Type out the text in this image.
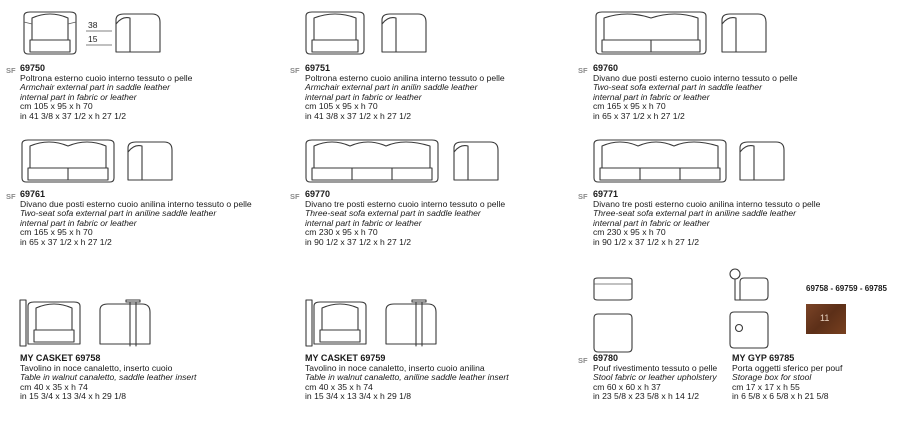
38
15
69758 - 69759 - 69785
11
SF 69750
Poltrona esterno cuoio interno tessuto o pelle
Armchair external part in saddle leather
internal part in fabric or leather
cm 105 x 95 x h 70
in 41 3/8 x 37 1/2 x h 27 1/2
SF 69751
Poltrona esterno cuoio anilina interno tessuto o pelle
Armchair external part in anilin saddle leather
internal part in fabric or leather
cm 105 x 95 x h 70
in 41 3/8 x 37 1/2 x h 27 1/2
SF 69760
Divano due posti esterno cuoio interno tessuto o pelle
Two-seat sofa external part in saddle leather
internal part in fabric or leather
cm 165 x 95 x h 70
in 65 x 37 1/2 x h 27 1/2
SF 69761
Divano due posti esterno cuoio anilina interno tessuto o pelle
Two-seat sofa external part in aniline saddle leather
internal part in fabric or leather
cm 165 x 95 x h 70
in 65 x 37 1/2 x h 27 1/2
SF 69770
Divano tre posti esterno cuoio interno tessuto o pelle
Three-seat sofa external part in saddle leather
internal part in fabric or leather
cm 230 x 95 x h 70
in 90 1/2 x 37 1/2 x h 27 1/2
SF 69771
Divano tre posti esterno cuoio anilina interno tessuto o pelle
Three-seat sofa external part in aniline saddle leather
internal part in fabric or leather
cm 230 x 95 x h 70
in 90 1/2 x 37 1/2 x h 27 1/2
MY CASKET 69758
Tavolino in noce canaletto, inserto cuoio
Table in walnut canaletto, saddle leather insert
cm 40 x 35 x h 74
in 15 3/4 x 13 3/4 x h 29 1/8
MY CASKET 69759
Tavolino in noce canaletto, inserto cuoio anilina
Table in walnut canaletto, aniline saddle leather insert
cm 40 x 35 x h 74
in 15 3/4 x 13 3/4 x h 29 1/8
SF 69780
Pouf rivestimento tessuto o pelle
Stool fabric or leather upholstery
cm 60 x 60 x h 37
in 23 5/8 x 23 5/8 x h 14 1/2
MY GYP 69785
Porta oggetti sferico per pouf
Storage box for stool
cm 17 x 17 x h 55
in 6 5/8 x 6 5/8 x h 21 5/8
